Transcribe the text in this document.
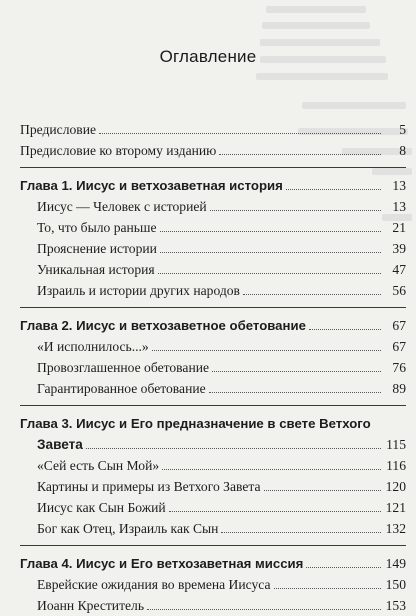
Оглавление
Предисловие	5
Предисловие ко второму изданию	8
Глава 1. Иисус и ветхозаветная история	13
Иисус — Человек с историей	13
То, что было раньше	21
Прояснение истории	39
Уникальная история	47
Израиль и истории других народов	56
Глава 2. Иисус и ветхозаветное обетование	67
«И исполнилось...»	67
Провозглашенное обетование	76
Гарантированное обетование	89
Глава 3. Иисус и Его предназначение в свете Ветхого
Завета	115
«Сей есть Сын Мой»	116
Картины и примеры из Ветхого Завета	120
Иисус как Сын Божий	121
Бог как Отец, Израиль как Сын	132
Глава 4. Иисус и Его ветхозаветная миссия	149
Еврейские ожидания во времена Иисуса	150
Иоанн Креститель	153
